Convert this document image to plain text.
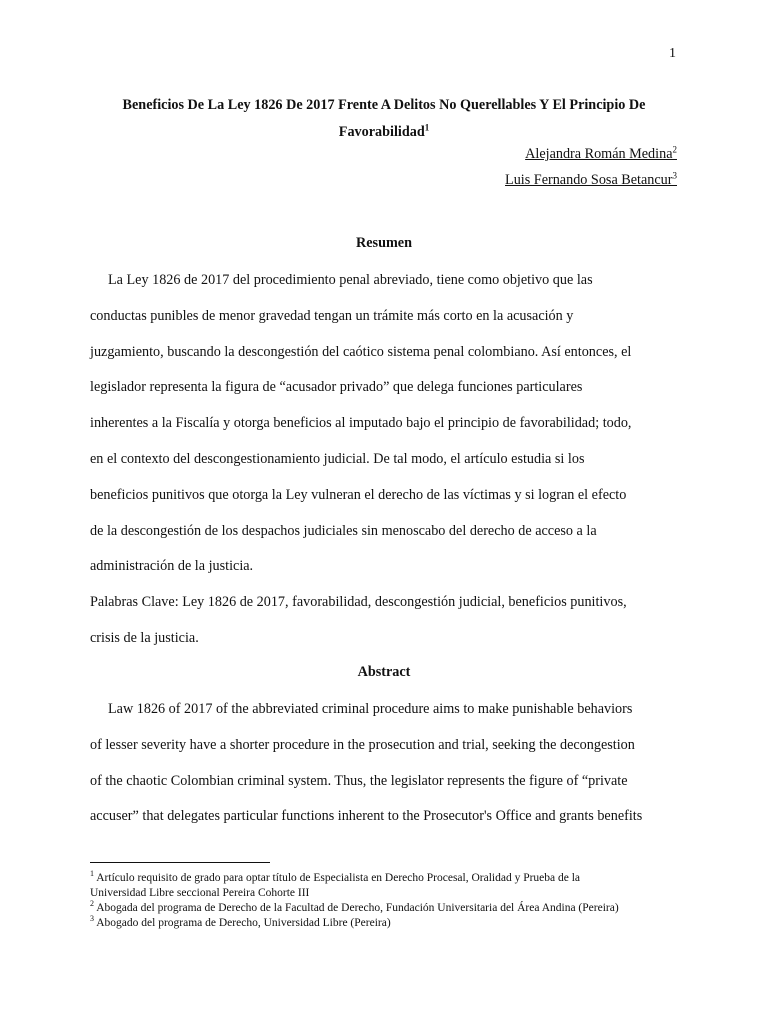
1
Beneficios De La Ley 1826 De 2017 Frente A Delitos No Querellables Y El Principio De Favorabilidad$^1$
Alejandra Román Medina$^2$
Luis Fernando Sosa Betancur$^3$
Resumen
La Ley 1826 de 2017 del procedimiento penal abreviado, tiene como objetivo que las
conductas punibles de menor gravedad tengan un trámite más corto en la acusación y
juzgamiento, buscando la descongestión del caótico sistema penal colombiano. Así entonces, el
legislador representa la figura de “acusador privado” que delega funciones particulares
inherentes a la Fiscalía y otorga beneficios al imputado bajo el principio de favorabilidad; todo,
en el contexto del descongestionamiento judicial. De tal modo, el artículo estudia si los
beneficios punitivos que otorga la Ley vulneran el derecho de las víctimas y si logran el efecto
de la descongestión de los despachos judiciales sin menoscabo del derecho de acceso a la
administración de la justicia.
Palabras Clave: Ley 1826 de 2017, favorabilidad, descongestión judicial, beneficios punitivos,
crisis de la justicia.
Abstract
Law 1826 of 2017 of the abbreviated criminal procedure aims to make punishable behaviors
of lesser severity have a shorter procedure in the prosecution and trial, seeking the decongestion
of the chaotic Colombian criminal system. Thus, the legislator represents the figure of “private
accuser” that delegates particular functions inherent to the Prosecutor's Office and grants benefits
$^1$ Artículo requisito de grado para optar título de Especialista en Derecho Procesal, Oralidad y Prueba de la
Universidad Libre seccional Pereira Cohorte III
$^2$ Abogada del programa de Derecho de la Facultad de Derecho, Fundación Universitaria del Área Andina (Pereira)
$^3$ Abogado del programa de Derecho, Universidad Libre (Pereira)
